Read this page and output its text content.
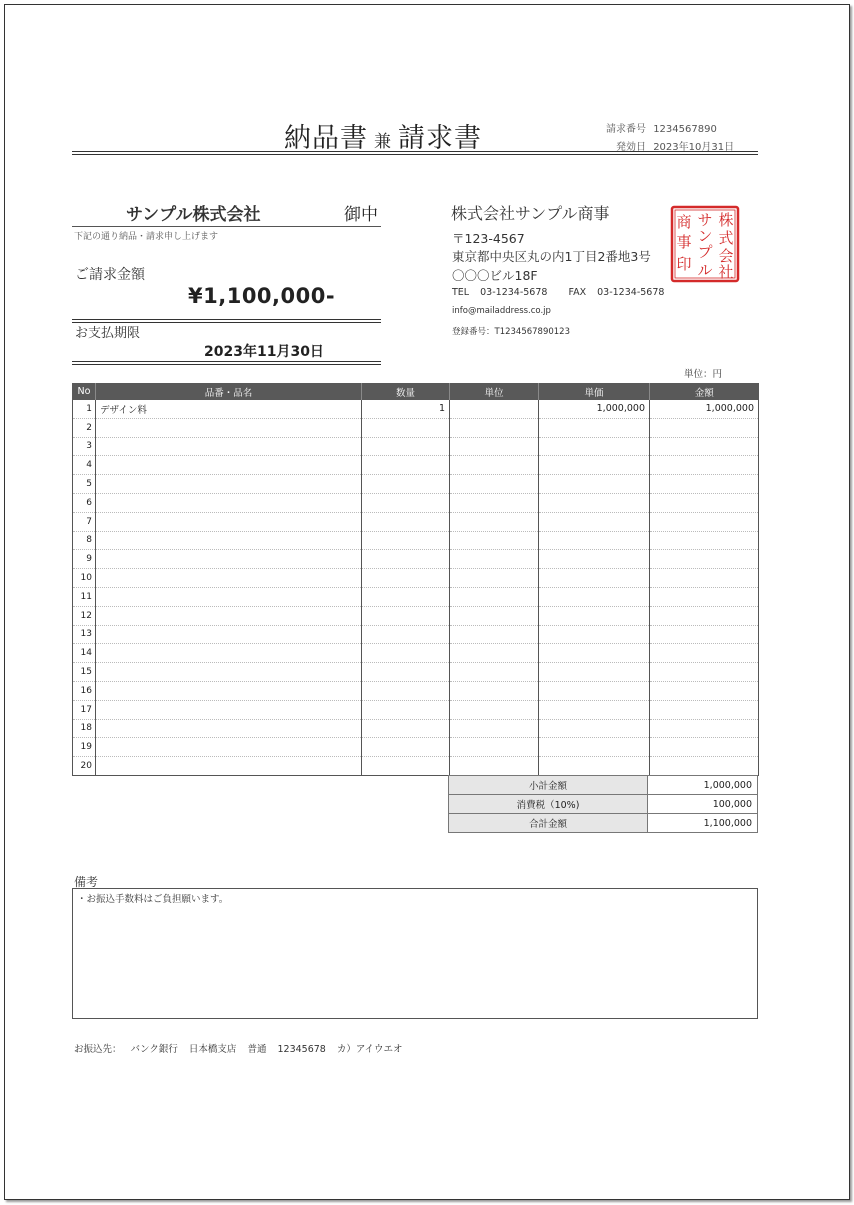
納品書 兼 請求書	請求番号 1234567890
発効日 2023年10月31日
サンプル株式会社	御中
下記の通り納品・請求申し上げます
ご請求金額
¥1,100,000-
お支払期限
2023年11月30日
株式会社サンプル商事
〒123-4567
東京都中央区丸の内1丁目2番地3号
〇〇〇ビル18F
TEL 03-1234-5678 FAX 03-1234-5678
info@mailaddress.co.jp
登録番号：T1234567890123
株
式
会
社
サ
ン
プ
ル
商
事
印
単位：円
No	品番・品名	数量	単位	単価	金額
1	デザイン料	1		1,000,000	1,000,000
2					
3					
4					
5					
6					
7					
8					
9					
10					
11					
12					
13					
14					
15					
16					
17					
18					
19					
20					
小計金額	1,000,000
消費税（10%)	100,000
合計金額	1,100,000
備考
・お振込手数料はご負担願います。
お振込先： バンク銀行 日本橋支店 普通 12345678 カ）アイウエオ
